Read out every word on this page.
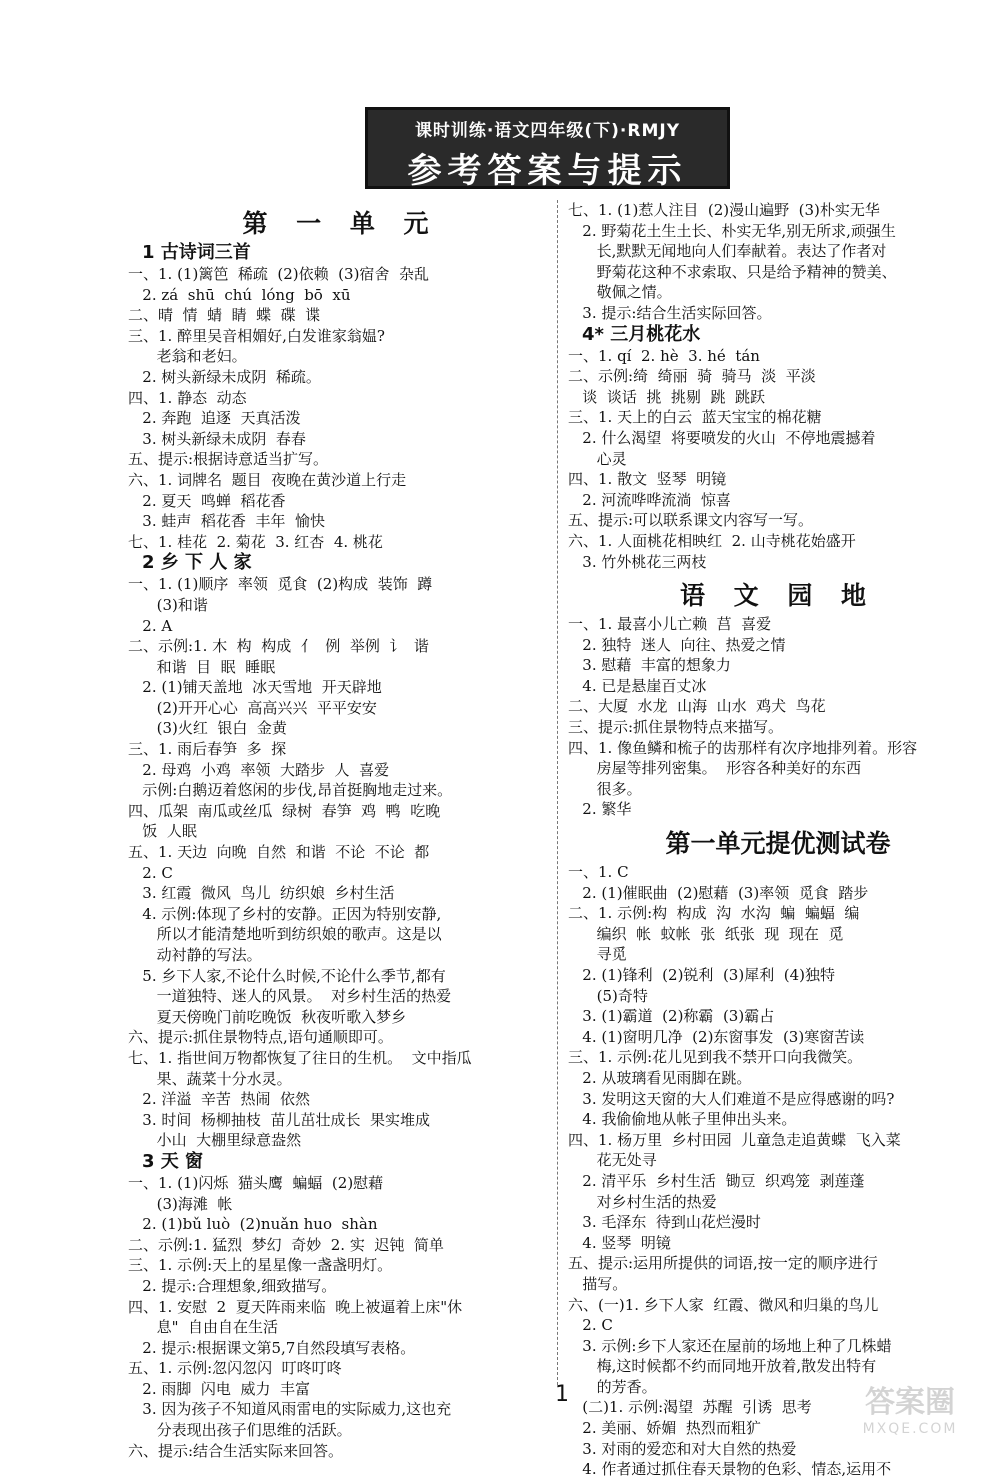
课时训练·语文四年级(下)·RMJY
参考答案与提示
第 一 单 元
1 古诗词三首
一、1. (1)篱笆  稀疏  (2)依赖  (3)宿舍  杂乱
2. zá  shū  chú  lóng  bō  xū
二、晴  情  蜻  睛  蝶  碟  谍
三、1. 醉里吴音相媚好,白发谁家翁媪?
老翁和老妇。
2. 树头新绿未成阴  稀疏。
四、1. 静态  动态
2. 奔跑  追逐  天真活泼
3. 树头新绿未成阴  春春
五、提示:根据诗意适当扩写。
六、1. 词牌名  题目  夜晚在黄沙道上行走
2. 夏天  鸣蝉  稻花香
3. 蛙声  稻花香  丰年  愉快
七、1. 桂花  2. 菊花  3. 红杏  4. 桃花
2 乡 下 人 家
一、1. (1)顺序  率领  觅食  (2)构成  装饰  蹲
(3)和谐
2. A
二、示例:1. 木  构  构成  亻  例  举例  讠  谐
和谐  目  眠  睡眠
2. (1)铺天盖地  冰天雪地  开天辟地
(2)开开心心  高高兴兴  平平安安
(3)火红  银白  金黄
三、1. 雨后春笋  多  探
2. 母鸡  小鸡  率领  大踏步  人  喜爱
示例:白鹅迈着悠闲的步伐,昂首挺胸地走过来。
四、瓜架  南瓜或丝瓜  绿树  春笋  鸡  鸭  吃晚
饭  人眠
五、1. 天边  向晚  自然  和谐  不论  不论  都
2. C
3. 红霞  微风  鸟儿  纺织娘  乡村生活
4. 示例:体现了乡村的安静。正因为特别安静,
所以才能清楚地听到纺织娘的歌声。这是以
动衬静的写法。
5. 乡下人家,不论什么时候,不论什么季节,都有
一道独特、迷人的风景。  对乡村生活的热爱
夏天傍晚门前吃晚饭  秋夜听歌入梦乡
六、提示:抓住景物特点,语句通顺即可。
七、1. 指世间万物都恢复了往日的生机。  文中指瓜
果、蔬菜十分水灵。
2. 洋溢  辛苦  热闹  依然
3. 时间  杨柳抽枝  苗儿茁壮成长  果实堆成
小山  大棚里绿意盎然
3 天 窗
一、1. (1)闪烁  猫头鹰  蝙蝠  (2)慰藉
(3)海滩  帐
2. (1)bǔ luò  (2)nuǎn huo  shàn
二、示例:1. 猛烈  梦幻  奇妙  2. 实  迟钝  简单
三、1. 示例:天上的星星像一盏盏明灯。
2. 提示:合理想象,细致描写。
四、1. 安慰  2  夏天阵雨来临  晚上被逼着上床"休
息"  自由自在生活
2. 提示:根据课文第5,7自然段填写表格。
五、1. 示例:忽闪忽闪  叮咚叮咚
2. 雨脚  闪电  威力  丰富
3. 因为孩子不知道风雨雷电的实际威力,这也充
分表现出孩子们思维的活跃。
六、提示:结合生活实际来回答。
七、1. (1)惹人注目  (2)漫山遍野  (3)朴实无华
2. 野菊花土生土长、朴实无华,别无所求,顽强生
长,默默无闻地向人们奉献着。表达了作者对
野菊花这种不求索取、只是给予精神的赞美、
敬佩之情。
3. 提示:结合生活实际回答。
4* 三月桃花水
一、1. qí  2. hè  3. hé  tán
二、示例:绮  绮丽  骑  骑马  淡  平淡
谈  谈话  挑  挑剔  跳  跳跃
三、1. 天上的白云  蓝天宝宝的棉花糖
2. 什么渴望  将要喷发的火山  不停地震撼着
心灵
四、1. 散文  竖琴  明镜
2. 河流哗哗流淌  惊喜
五、提示:可以联系课文内容写一写。
六、1. 人面桃花相映红  2. 山寺桃花始盛开
3. 竹外桃花三两枝
语 文 园 地
一、1. 最喜小儿亡赖  莒  喜爱
2. 独特  迷人  向往、热爱之情
3. 慰藉  丰富的想象力
4. 已是悬崖百丈冰
二、大厦  水龙  山海  山水  鸡犬  鸟花
三、提示:抓住景物特点来描写。
四、1. 像鱼鳞和梳子的齿那样有次序地排列着。形容
房屋等排列密集。  形容各种美好的东西
很多。
2. 繁华
第一单元提优测试卷
一、1. C
2. (1)催眠曲  (2)慰藉  (3)率领  觅食  踏步
二、1. 示例:构  构成  沟  水沟  蝙  蝙蝠  编
编织  帐  蚊帐  张  纸张  现  现在  觅
寻觅
2. (1)锋利  (2)锐利  (3)犀利  (4)独特
(5)奇特
3. (1)霸道  (2)称霸  (3)霸占
4. (1)窗明几净  (2)东窗事发  (3)寒窗苦读
三、1. 示例:花儿见到我不禁开口向我微笑。
2. 从玻璃看见雨脚在跳。
3. 发明这天窗的大人们难道不是应得感谢的吗?
4. 我偷偷地从帐子里伸出头来。
四、1. 杨万里  乡村田园  儿童急走追黄蝶  飞入菜
花无处寻
2. 清平乐  乡村生活  锄豆  织鸡笼  剥莲蓬
对乡村生活的热爱
3. 毛泽东  待到山花烂漫时
4. 竖琴  明镜
五、提示:运用所提供的词语,按一定的顺序进行
描写。
六、(一)1. 乡下人家  红霞、微风和归巢的鸟儿
2. C
3. 示例:乡下人家还在屋前的场地上种了几株蜡
梅,这时候都不约而同地开放着,散发出特有
的芳香。
(二)1. 示例:渴望  苏醒  引诱  思考
2. 美丽、娇媚  热烈而粗犷
3. 对雨的爱恋和对大自然的热爱
4. 作者通过抓住春天景物的色彩、情态,运用不
1	答案圈
MXQE.COM
